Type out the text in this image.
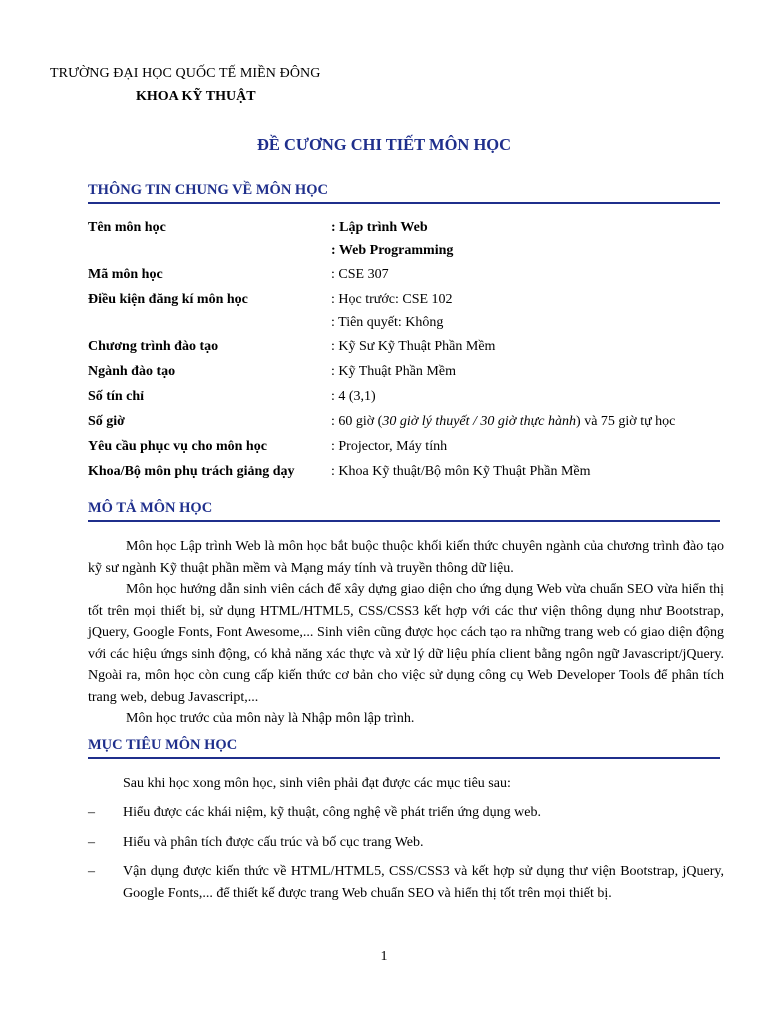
TRƯỜNG ĐẠI HỌC QUỐC TẾ MIỀN ĐÔNG
KHOA KỸ THUẬT
ĐỀ CƯƠNG CHI TIẾT MÔN HỌC
THÔNG TIN CHUNG VỀ MÔN HỌC
Tên môn học	: Lập trình Web
: Web Programming
Mã môn học	: CSE 307
Điều kiện đăng kí môn học	: Học trước: CSE 102
: Tiên quyết: Không
Chương trình đào tạo	: Kỹ Sư Kỹ Thuật Phần Mềm
Ngành đào tạo	: Kỹ Thuật Phần Mềm
Số tín chỉ	: 4 (3,1)
Số giờ	: 60 giờ (30 giờ lý thuyết / 30 giờ thực hành) và 75 giờ tự học
Yêu cầu phục vụ cho môn học	: Projector, Máy tính
Khoa/Bộ môn phụ trách giảng dạy	: Khoa Kỹ thuật/Bộ môn Kỹ Thuật Phần Mềm
MÔ TẢ MÔN HỌC

Môn học Lập trình Web là môn học bắt buộc thuộc khối kiến thức chuyên ngành của chương trình đào tạo kỹ sư ngành Kỹ thuật phần mềm và Mạng máy tính và truyền thông dữ liệu.

Môn học hướng dẫn sinh viên cách để xây dựng giao diện cho ứng dụng Web vừa chuẩn SEO vừa hiển thị tốt trên mọi thiết bị, sử dụng HTML/HTML5, CSS/CSS3 kết hợp với các thư viện thông dụng như Bootstrap, jQuery, Google Fonts, Font Awesome,... Sinh viên cũng được học cách tạo ra những trang web có giao diện động với các hiệu ứngs sinh động, có khả năng xác thực và xử lý dữ liệu phía client bằng ngôn ngữ Javascript/jQuery. Ngoài ra, môn học còn cung cấp kiến thức cơ bản cho việc sử dụng công cụ Web Developer Tools để phân tích trang web, debug Javascript,...

Môn học trước của môn này là Nhập môn lập trình.

MỤC TIÊU MÔN HỌC

Sau khi học xong môn học, sinh viên phải đạt được các mục tiêu sau:

– Hiểu được các khái niệm, kỹ thuật, công nghệ về phát triển ứng dụng web.
– Hiểu và phân tích được cấu trúc và bố cục trang Web.
– Vận dụng được kiến thức về HTML/HTML5, CSS/CSS3 và kết hợp sử dụng thư viện Bootstrap, jQuery, Google Fonts,... để thiết kế được trang Web chuẩn SEO và hiển thị tốt trên mọi thiết bị.
1
